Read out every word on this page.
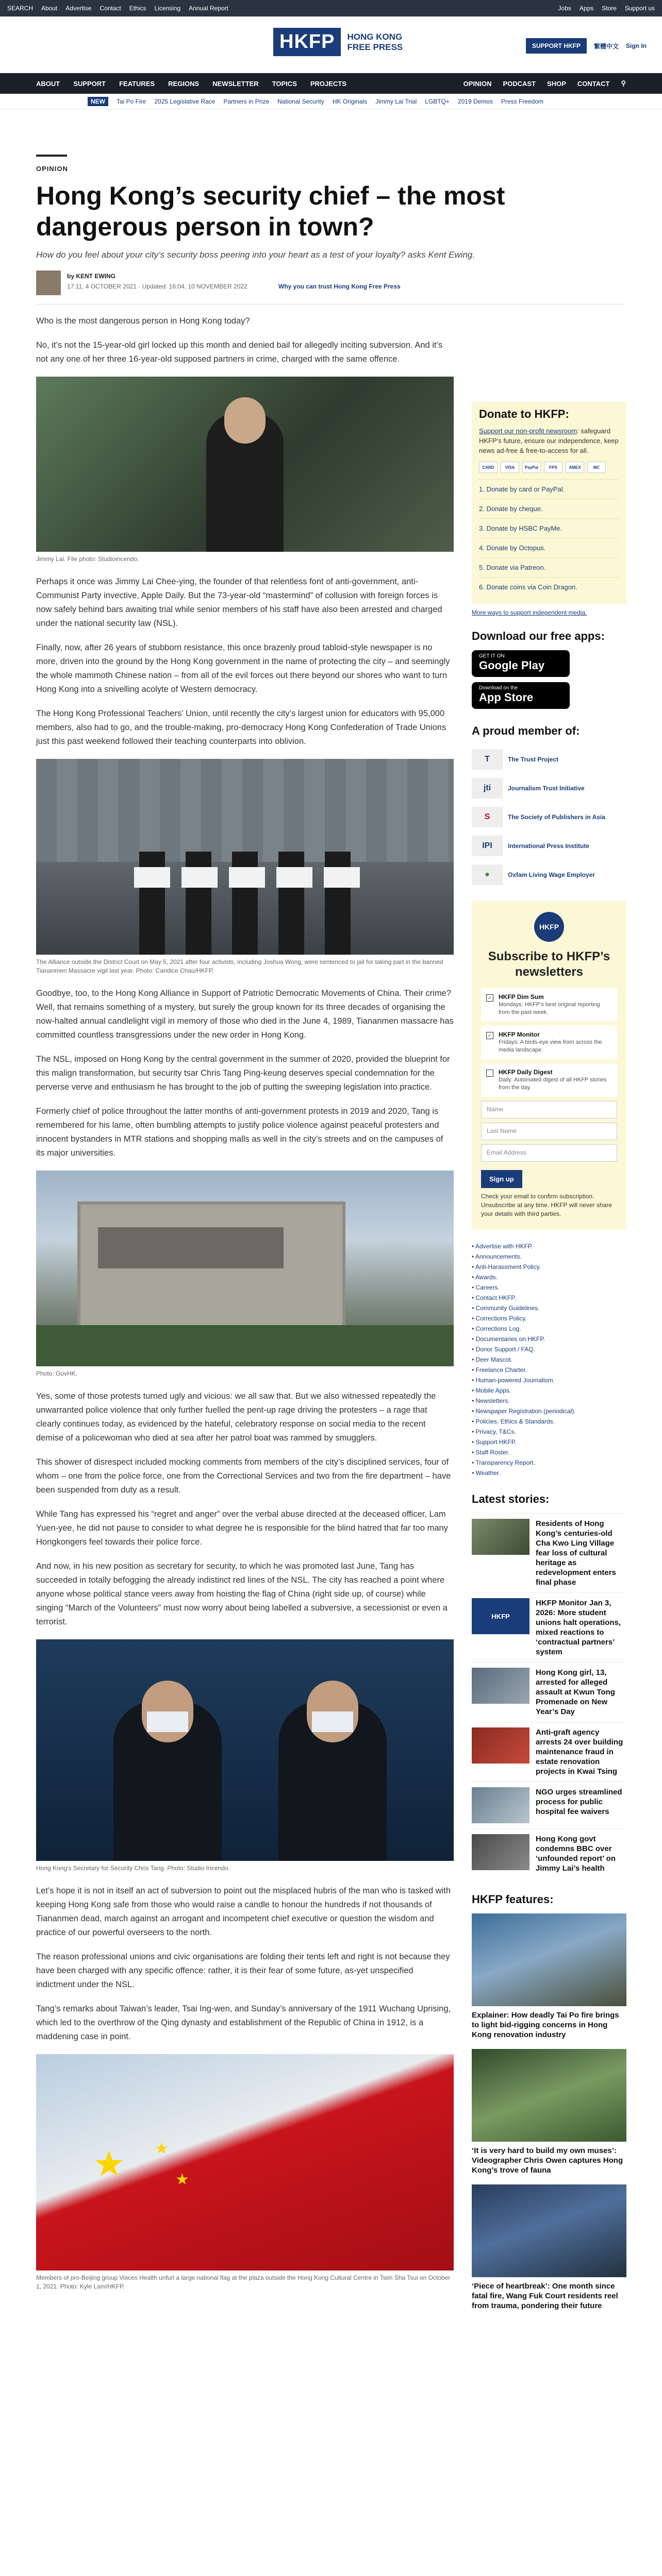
SEARCH About Advertise Contact Ethics Licensing Annual Report	Jobs Apps Store Support us
HKFP	HONG KONG
FREE PRESS	SUPPORT HKFP	繁體中文 Sign In
ABOUT SUPPORT FEATURES REGIONS NEWSLETTER TOPICS PROJECTS	OPINION PODCAST SHOP CONTACT ⚲
NEW	Tai Po Fire 2025 Legislative Race Partners in Prize National Security HK Originals Jimmy Lai Trial LGBTQ+ 2019 Demos Press Freedom
OPINION
Hong Kong’s security chief – the most dangerous person in town?
How do you feel about your city’s security boss peering into your heart as a test of your loyalty? asks Kent Ewing.
by KENT EWING
17:11, 4 OCTOBER 2021 · Updated: 16:04, 10 NOVEMBER 2022	Why you can trust Hong Kong Free Press

Who is the most dangerous person in Hong Kong today?

No, it’s not the 15-year-old girl locked up this month and denied bail for allegedly inciting subversion. And it’s not any one of her three 16-year-old supposed partners in crime, charged with the same offence.

Jimmy Lai. File photo: Studioincendo.

Perhaps it once was Jimmy Lai Chee-ying, the founder of that relentless font of anti-government, anti-Communist Party invective, Apple Daily. But the 73-year-old “mastermind” of collusion with foreign forces is now safely behind bars awaiting trial while senior members of his staff have also been arrested and charged under the national security law (NSL).

Finally, now, after 26 years of stubborn resistance, this once brazenly proud tabloid-style newspaper is no more, driven into the ground by the Hong Kong government in the name of protecting the city – and seemingly the whole mammoth Chinese nation – from all of the evil forces out there beyond our shores who want to turn Hong Kong into a snivelling acolyte of Western democracy.

The Hong Kong Professional Teachers’ Union, until recently the city’s largest union for educators with 95,000 members, also had to go, and the trouble-making, pro-democracy Hong Kong Confederation of Trade Unions just this past weekend followed their teaching counterparts into oblivion.

The Alliance outside the District Court on May 5, 2021 after four activists, including Joshua Wong, were sentenced to jail for taking part in the banned Tiananmen Massacre vigil last year. Photo: Candice Chau/HKFP.

Goodbye, too, to the Hong Kong Alliance in Support of Patriotic Democratic Movements of China. Their crime? Well, that remains something of a mystery, but surely the group known for its three decades of organising the now-halted annual candlelight vigil in memory of those who died in the June 4, 1989, Tiananmen massacre has committed countless transgressions under the new order in Hong Kong.

The NSL, imposed on Hong Kong by the central government in the summer of 2020, provided the blueprint for this malign transformation, but security tsar Chris Tang Ping-keung deserves special condemnation for the perverse verve and enthusiasm he has brought to the job of putting the sweeping legislation into practice.

Formerly chief of police throughout the latter months of anti-government protests in 2019 and 2020, Tang is remembered for his lame, often bumbling attempts to justify police violence against peaceful protesters and innocent bystanders in MTR stations and shopping malls as well in the city’s streets and on the campuses of its major universities.

Photo: GovHK.

Yes, some of those protests turned ugly and vicious: we all saw that. But we also witnessed repeatedly the unwarranted police violence that only further fuelled the pent-up rage driving the protesters – a rage that clearly continues today, as evidenced by the hateful, celebratory response on social media to the recent demise of a policewoman who died at sea after her patrol boat was rammed by smugglers.

This shower of disrespect included mocking comments from members of the city’s disciplined services, four of whom – one from the police force, one from the Correctional Services and two from the fire department – have been suspended from duty as a result.

While Tang has expressed his “regret and anger” over the verbal abuse directed at the deceased officer, Lam Yuen-yee, he did not pause to consider to what degree he is responsible for the blind hatred that far too many Hongkongers feel towards their police force.

And now, in his new position as secretary for security, to which he was promoted last June, Tang has succeeded in totally befogging the already indistinct red lines of the NSL. The city has reached a point where anyone whose political stance veers away from hoisting the flag of China (right side up, of course) while singing “March of the Volunteers” must now worry about being labelled a subversive, a secessionist or even a terrorist.

Hong Kong’s Secretary for Security Chris Tang. Photo: Studio Incendo.

Let’s hope it is not in itself an act of subversion to point out the misplaced hubris of the man who is tasked with keeping Hong Kong safe from those who would raise a candle to honour the hundreds if not thousands of Tiananmen dead, march against an arrogant and incompetent chief executive or question the wisdom and practice of our powerful overseers to the north.

The reason professional unions and civic organisations are folding their tents left and right is not because they have been charged with any specific offence: rather, it is their fear of some future, as-yet unspecified indictment under the NSL.

Tang’s remarks about Taiwan’s leader, Tsai Ing-wen, and Sunday’s anniversary of the 1911 Wuchang Uprising, which led to the overthrow of the Qing dynasty and establishment of the Republic of China in 1912, is a maddening case in point.

★ ★
★
Members of pro-Beijing group Voices Health unfurl a large national flag at the plaza outside the Hong Kong Cultural Centre in Tsim Sha Tsui on October 1, 2021. Photo: Kyle Lam/HKFP.
Donate to HKFP:
Support our non-profit newsroom: safeguard HKFP’s future, ensure our independence, keep news ad-free & free-to-access for all.
CARD	VISA	PayPal	FPS	AMEX	MC
1. Donate by card or PayPal.
2. Donate by cheque.
3. Donate by HSBC PayMe.
4. Donate by Octopus.
5. Donate via Patreon.
6. Donate coins via Coin Dragon.
More ways to support independent media.
Download our free apps:
GET IT ON
Google Play
Download on the
App Store
A proud member of:
T	The Trust Project
jti	Journalism Trust Initiative
S	The Society of Publishers in Asia
IPI	International Press Institute
●	Oxfam Living Wage Employer
HKFP
Subscribe to HKFP’s newsletters
✓ HKFP Dim Sum
Mondays: HKFP’s best original reporting from the past week.
✓ HKFP Monitor
Fridays: A birds-eye view from across the media landscape.
HKFP Daily Digest
Daily: Automated digest of all HKFP stories from the day.
Name
Last Name
Email Address
Sign up
Check your email to confirm subscription. Unsubscribe at any time. HKFP will never share your details with third parties.
• Advertise with HKFP.
• Announcements.
• Anti-Harassment Policy.
• Awards.
• Careers.
• Contact HKFP.
• Community Guidelines.
• Corrections Policy.
• Corrections Log.
• Documentaries on HKFP.
• Donor Support / FAQ.
• Deer Mascot.
• Freelance Charter.
• Human-powered Journalism.
• Mobile Apps.
• Newsletters.
• Newspaper Registration (periodical).
• Policies, Ethics & Standards.
• Privacy, T&Cs.
• Support HKFP.
• Staff Roster.
• Transparency Report.
• Weather.
Latest stories:
Residents of Hong Kong’s centuries-old Cha Kwo Ling Village fear loss of cultural heritage as redevelopment enters final phase
HKFP
HKFP Monitor Jan 3, 2026: More student unions halt operations, mixed reactions to ‘contractual partners’ system
Hong Kong girl, 13, arrested for alleged assault at Kwun Tong Promenade on New Year’s Day
Anti-graft agency arrests 24 over building maintenance fraud in estate renovation projects in Kwai Tsing
NGO urges streamlined process for public hospital fee waivers
Hong Kong govt condemns BBC over ‘unfounded report’ on Jimmy Lai’s health
HKFP features:
Explainer: How deadly Tai Po fire brings to light bid-rigging concerns in Hong Kong renovation industry
‘It is very hard to build my own muses’: Videographer Chris Owen captures Hong Kong’s trove of fauna
‘Piece of heartbreak’: One month since fatal fire, Wang Fuk Court residents reel from trauma, pondering their future
